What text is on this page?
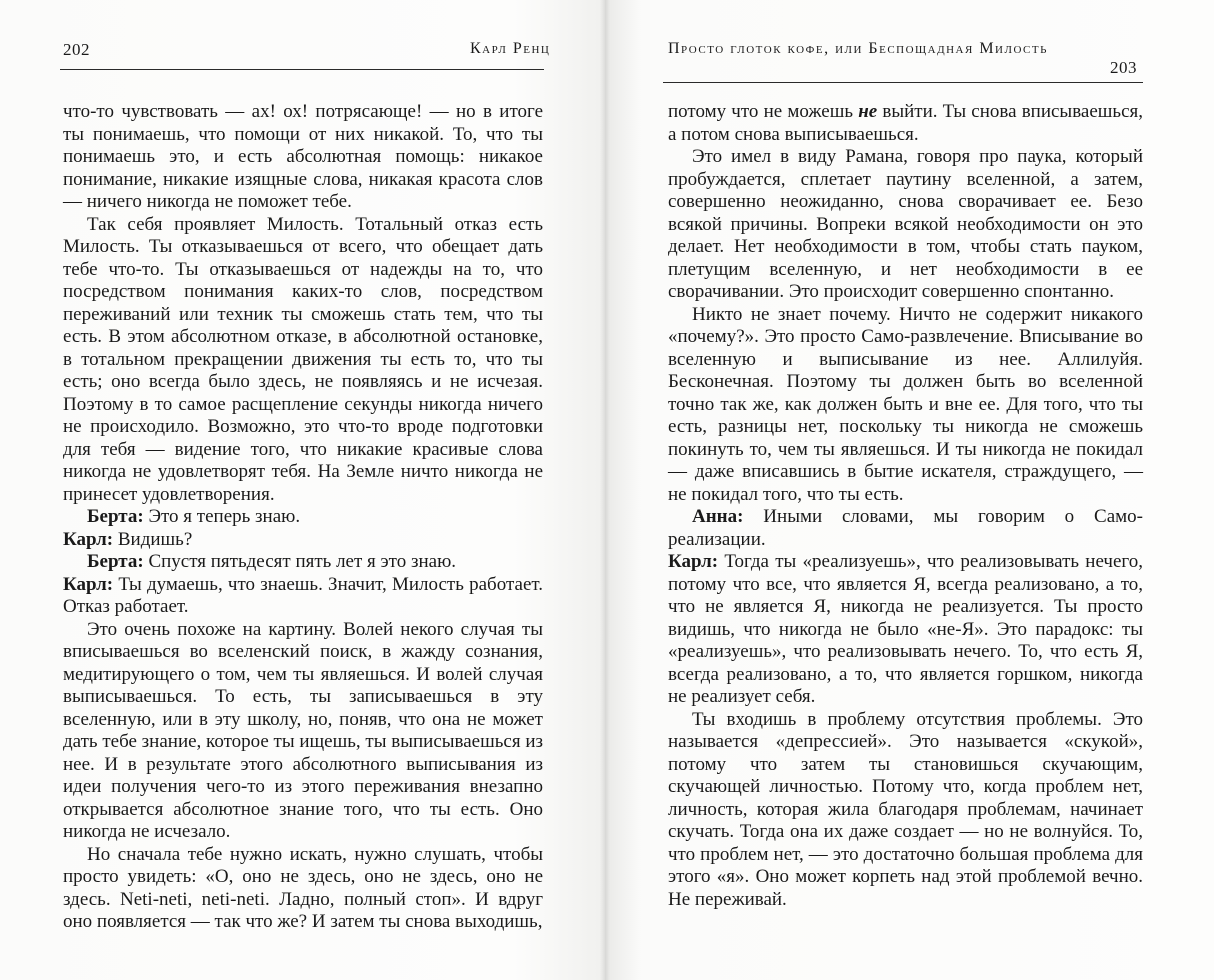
202	Карл Ренц

что-то чувствовать — ах! ох! потрясающе! — но в итоге ты понимаешь, что помощи от них никакой. То, что ты понимаешь это, и есть абсолютная помощь: никакое понимание, никакие изящные слова, никакая красота слов — ничего никогда не поможет тебе.

Так себя проявляет Милость. Тотальный отказ есть Милость. Ты отказываешься от всего, что обещает дать тебе что-то. Ты отказываешься от надежды на то, что посредством понимания каких-то слов, посредством переживаний или техник ты сможешь стать тем, что ты есть. В этом абсолютном отказе, в абсолютной остановке, в тотальном прекращении движения ты есть то, что ты есть; оно всегда было здесь, не появляясь и не исчезая. Поэтому в то самое расщепление секунды никогда ничего не происходило. Возможно, это что-то вроде подготовки для тебя — видение того, что никакие красивые слова никогда не удовлетворят тебя. На Земле ничто никогда не принесет удовлетворения.

Берта: Это я теперь знаю.

Карл: Видишь?

Берта: Спустя пятьдесят пять лет я это знаю.

Карл: Ты думаешь, что знаешь. Значит, Милость работает. Отказ работает.

Это очень похоже на картину. Волей некого случая ты вписываешься во вселенский поиск, в жажду сознания, медитирующего о том, чем ты являешься. И волей случая выписываешься. То есть, ты записываешься в эту вселенную, или в эту школу, но, поняв, что она не может дать тебе знание, которое ты ищешь, ты выписываешься из нее. И в результате этого абсолютного выписывания из идеи получения чего-то из этого переживания внезапно открывается абсолютное знание того, что ты есть. Оно никогда не исчезало.

Но сначала тебе нужно искать, нужно слушать, чтобы просто увидеть: «О, оно не здесь, оно не здесь, оно не здесь. Neti-neti, neti-neti. Ладно, полный стоп». И вдруг оно появляется — так что же? И затем ты снова выходишь,

Просто глоток кофе, или Беспощадная Милость
203

потому что не можешь не выйти. Ты снова вписываешься, а потом снова выписываешься.

Это имел в виду Рамана, говоря про паука, который пробуждается, сплетает паутину вселенной, а затем, совершенно неожиданно, снова сворачивает ее. Безо всякой причины. Вопреки всякой необходимости он это делает. Нет необходимости в том, чтобы стать пауком, плетущим вселенную, и нет необходимости в ее сворачивании. Это происходит совершенно спонтанно.

Никто не знает почему. Ничто не содержит никакого «почему?». Это просто Само-развлечение. Вписывание во вселенную и выписывание из нее. Аллилуйя. Бесконечная. Поэтому ты должен быть во вселенной точно так же, как должен быть и вне ее. Для того, что ты есть, разницы нет, поскольку ты никогда не сможешь покинуть то, чем ты являешься. И ты никогда не покидал — даже вписавшись в бытие искателя, страждущего, — не покидал того, что ты есть.

Анна: Иными словами, мы говорим о Само-реализации.

Карл: Тогда ты «реализуешь», что реализовывать нечего, потому что все, что является Я, всегда реализовано, а то, что не является Я, никогда не реализуется. Ты просто видишь, что никогда не было «не-Я». Это парадокс: ты «реализуешь», что реализовывать нечего. То, что есть Я, всегда реализовано, а то, что является горшком, никогда не реализует себя.

Ты входишь в проблему отсутствия проблемы. Это называется «депрессией». Это называется «скукой», потому что затем ты становишься скучающим, скучающей личностью. Потому что, когда проблем нет, личность, которая жила благодаря проблемам, начинает скучать. Тогда она их даже создает — но не волнуйся. То, что проблем нет, — это достаточно большая проблема для этого «я». Оно может корпеть над этой проблемой вечно. Не переживай.
